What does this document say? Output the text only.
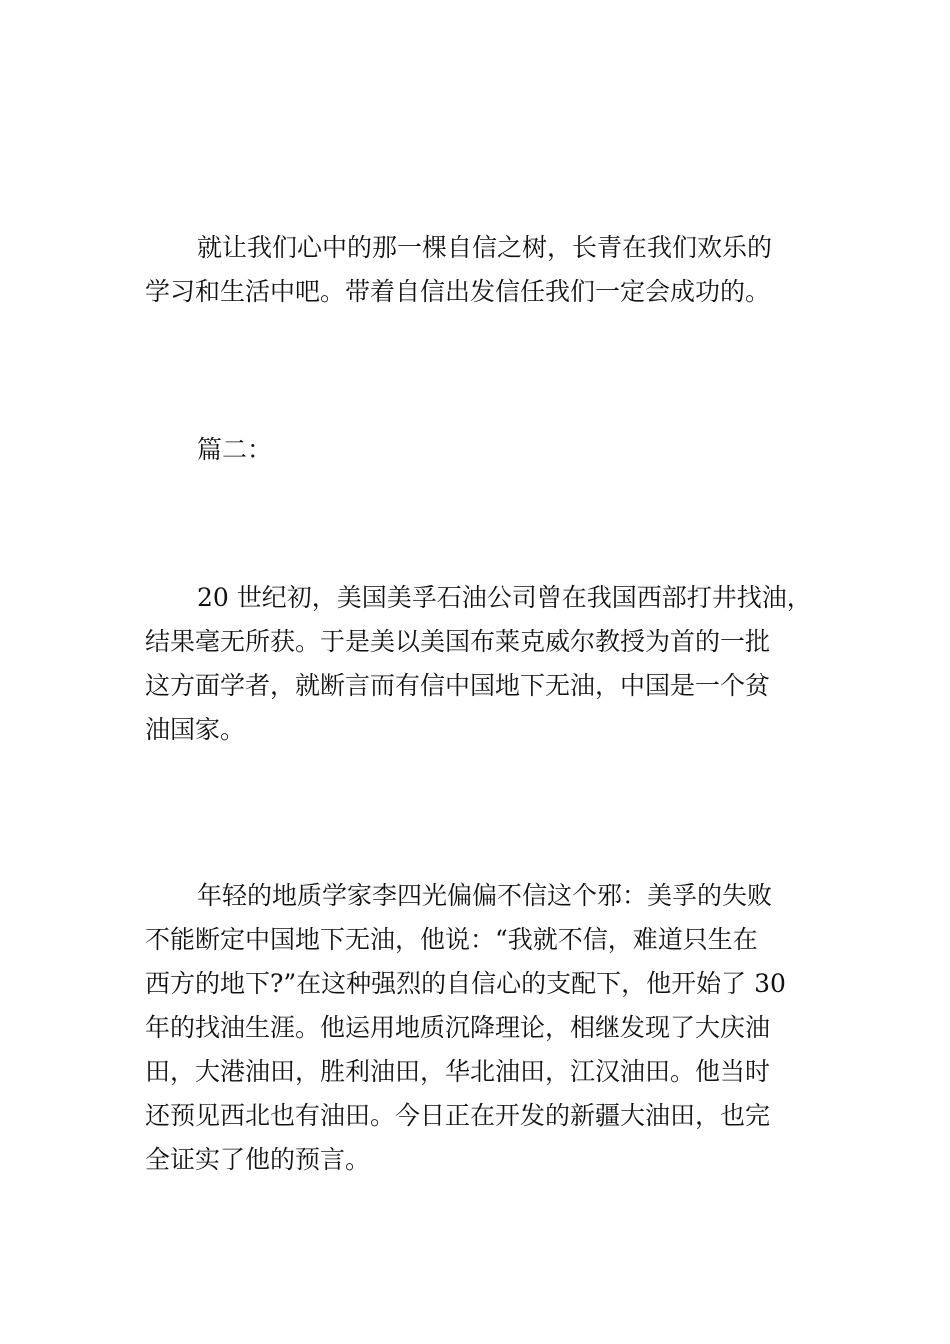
就让我们心中的那一棵自信之树，长青在我们欢乐的
学习和生活中吧。带着自信出发信任我们一定会成功的。
篇二：
20 世纪初，美国美孚石油公司曾在我国西部打井找油，
结果毫无所获。于是美以美国布莱克威尔教授为首的一批
这方面学者，就断言而有信中国地下无油，中国是一个贫
油国家。
年轻的地质学家李四光偏偏不信这个邪：美孚的失败
不能断定中国地下无油，他说：“我就不信，难道只生在
西方的地下?”在这种强烈的自信心的支配下，他开始了 30
年的找油生涯。他运用地质沉降理论，相继发现了大庆油
田，大港油田，胜利油田，华北油田，江汉油田。他当时
还预见西北也有油田。今日正在开发的新疆大油田，也完
全证实了他的预言。
